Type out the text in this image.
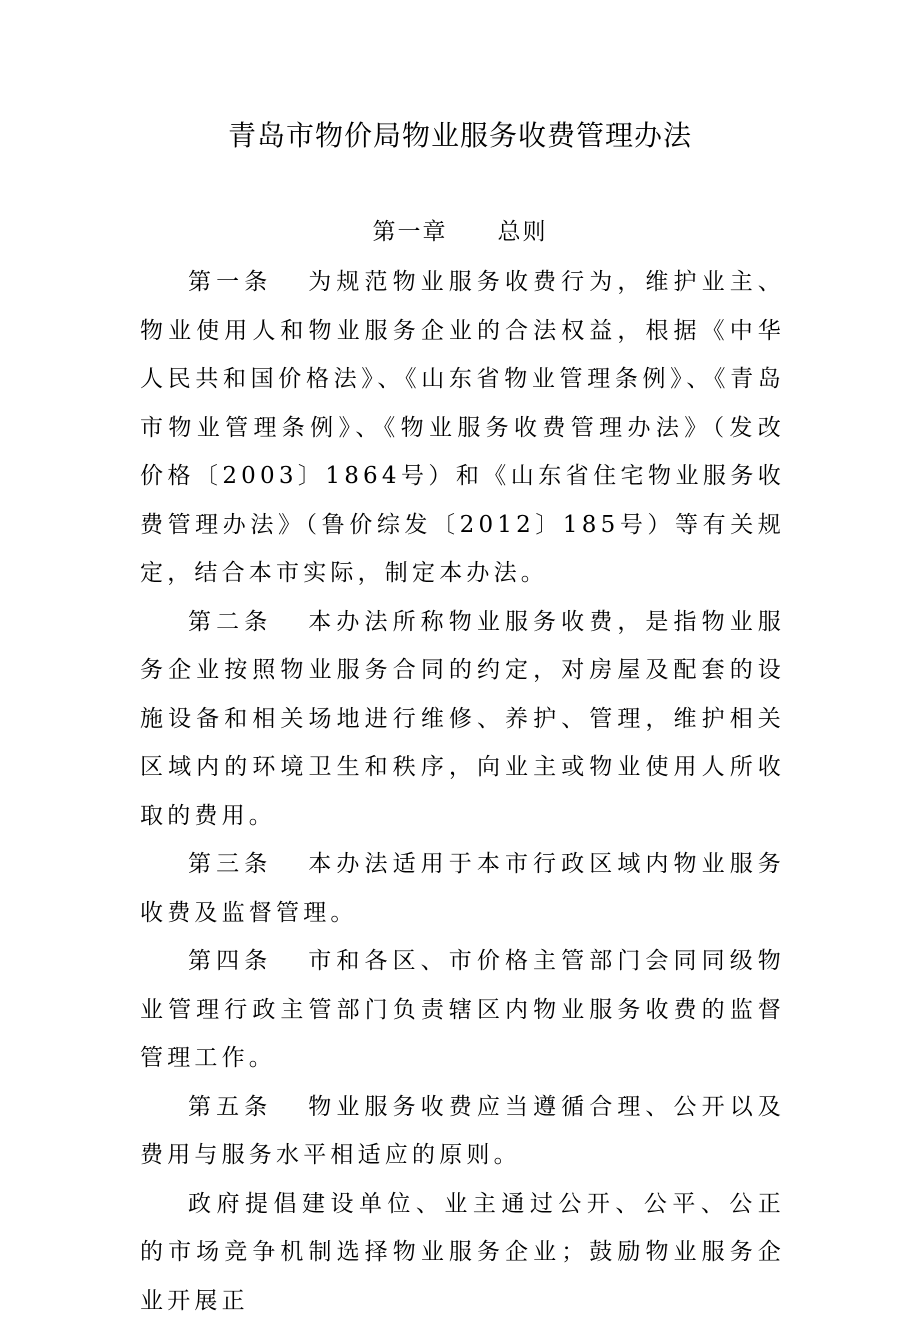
青岛市物价局物业服务收费管理办法
第一章　　 总则

第一条 为规范物业服务收费行为，维护业主、物业使用人和物业服务企业的合法权益，根据《中华人民共和国价格法》、《山东省物业管理条例》、《青岛市物业管理条例》、《物业服务收费管理办法》（发改价格〔2003〕1864号）和《山东省住宅物业服务收费管理办法》（鲁价综发〔2012〕185号）等有关规定，结合本市实际，制定本办法。

第二条 本办法所称物业服务收费，是指物业服务企业按照物业服务合同的约定，对房屋及配套的设施设备和相关场地进行维修、养护、管理，维护相关区域内的环境卫生和秩序，向业主或物业使用人所收取的费用。

第三条 本办法适用于本市行政区域内物业服务收费及监督管理。

第四条 市和各区、市价格主管部门会同同级物业管理行政主管部门负责辖区内物业服务收费的监督管理工作。

第五条 物业服务收费应当遵循合理、公开以及费用与服务水平相适应的原则。

政府提倡建设单位、业主通过公开、公平、公正的市场竞争机制选择物业服务企业；鼓励物业服务企业开展正
